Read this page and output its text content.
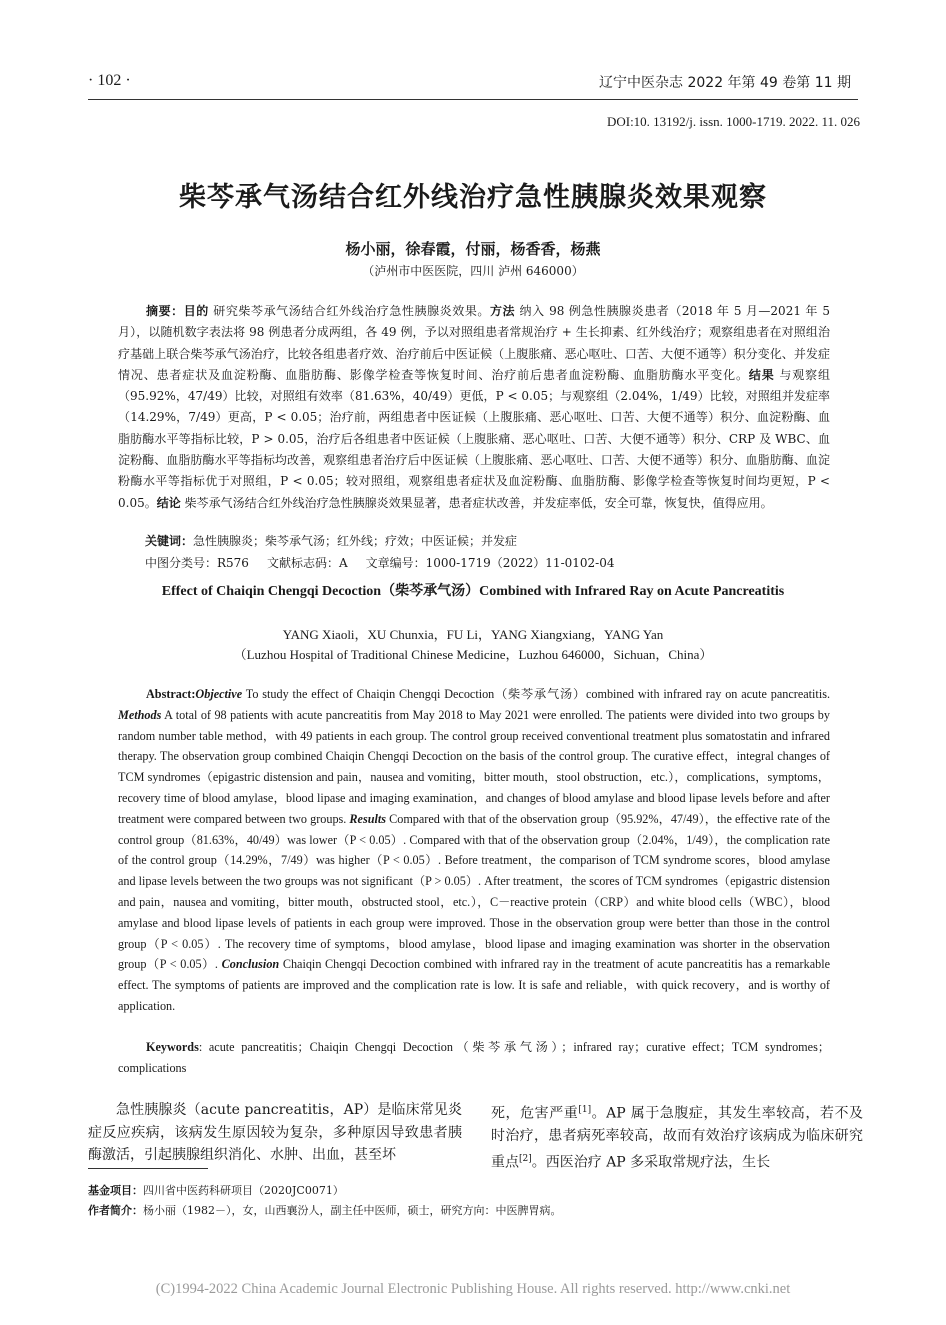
· 102 ·	辽宁中医杂志 2022 年第 49 卷第 11 期
DOI:10. 13192/j. issn. 1000-1719. 2022. 11. 026
柴芩承气汤结合红外线治疗急性胰腺炎效果观察
杨小丽，徐春霞，付丽，杨香香，杨燕
（泸州市中医医院，四川 泸州 646000）

摘要：目的 研究柴芩承气汤结合红外线治疗急性胰腺炎效果。方法 纳入 98 例急性胰腺炎患者（2018 年 5 月—2021 年 5 月），以随机数字表法将 98 例患者分成两组，各 49 例，予以对照组患者常规治疗 + 生长抑素、红外线治疗；观察组患者在对照组治疗基础上联合柴芩承气汤治疗，比较各组患者疗效、治疗前后中医证候（上腹胀痛、恶心呕吐、口苦、大便不通等）积分变化、并发症情况、患者症状及血淀粉酶、血脂肪酶、影像学检查等恢复时间、治疗前后患者血淀粉酶、血脂肪酶水平变化。结果 与观察组（95.92%，47/49）比较，对照组有效率（81.63%，40/49）更低，P < 0.05；与观察组（2.04%，1/49）比较，对照组并发症率（14.29%，7/49）更高，P < 0.05；治疗前，两组患者中医证候（上腹胀痛、恶心呕吐、口苦、大便不通等）积分、血淀粉酶、血脂肪酶水平等指标比较，P > 0.05，治疗后各组患者中医证候（上腹胀痛、恶心呕吐、口苦、大便不通等）积分、CRP 及 WBC、血淀粉酶、血脂肪酶水平等指标均改善，观察组患者治疗后中医证候（上腹胀痛、恶心呕吐、口苦、大便不通等）积分、血脂肪酶、血淀粉酶水平等指标优于对照组，P < 0.05；较对照组，观察组患者症状及血淀粉酶、血脂肪酶、影像学检查等恢复时间均更短，P < 0.05。结论 柴芩承气汤结合红外线治疗急性胰腺炎效果显著，患者症状改善，并发症率低，安全可靠，恢复快，值得应用。

关键词：急性胰腺炎；柴芩承气汤；红外线；疗效；中医证候；并发症
中图分类号：R576 文献标志码：A 文章编号：1000-1719（2022）11-0102-04
Effect of Chaiqin Chengqi Decoction（柴芩承气汤）Combined with Infrared Ray on Acute Pancreatitis
YANG Xiaoli，XU Chunxia，FU Li，YANG Xiangxiang，YANG Yan
（Luzhou Hospital of Traditional Chinese Medicine，Luzhou 646000，Sichuan，China）

Abstract:Objective To study the effect of Chaiqin Chengqi Decoction（柴芩承气汤）combined with infrared ray on acute pancreatitis. Methods A total of 98 patients with acute pancreatitis from May 2018 to May 2021 were enrolled. The patients were divided into two groups by random number table method，with 49 patients in each group. The control group received conventional treatment plus somatostatin and infrared therapy. The observation group combined Chaiqin Chengqi Decoction on the basis of the control group. The curative effect，integral changes of TCM syndromes（epigastric distension and pain，nausea and vomiting，bitter mouth，stool obstruction，etc.），complications，symptoms，recovery time of blood amylase，blood lipase and imaging examination，and changes of blood amylase and blood lipase levels before and after treatment were compared between two groups. Results Compared with that of the observation group（95.92%，47/49），the effective rate of the control group（81.63%，40/49）was lower（P < 0.05）. Compared with that of the observation group（2.04%，1/49），the complication rate of the control group（14.29%，7/49）was higher（P < 0.05）. Before treatment，the comparison of TCM syndrome scores，blood amylase and lipase levels between the two groups was not significant（P > 0.05）. After treatment，the scores of TCM syndromes（epigastric distension and pain，nausea and vomiting，bitter mouth，obstructed stool，etc.），C－reactive protein（CRP）and white blood cells（WBC），blood amylase and blood lipase levels of patients in each group were improved. Those in the observation group were better than those in the control group（P < 0.05）. The recovery time of symptoms，blood amylase，blood lipase and imaging examination was shorter in the observation group（P < 0.05）. Conclusion Chaiqin Chengqi Decoction combined with infrared ray in the treatment of acute pancreatitis has a remarkable effect. The symptoms of patients are improved and the complication rate is low. It is safe and reliable，with quick recovery，and is worthy of application.

Keywords: acute pancreatitis；Chaiqin Chengqi Decoction（柴芩承气汤）；infrared ray；curative effect；TCM syndromes；complications
急性胰腺炎（acute pancreatitis，AP）是临床常见炎症反应疾病，该病发生原因较为复杂，多种原因导致患者胰酶激活，引起胰腺组织消化、水肿、出血，甚至坏
死，危害严重[1]。AP 属于急腹症，其发生率较高，若不及时治疗，患者病死率较高，故而有效治疗该病成为临床研究重点[2]。西医治疗 AP 多采取常规疗法，生长
基金项目：四川省中医药科研项目（2020JC0071）
作者简介：杨小丽（1982－），女，山西襄汾人，副主任中医师，硕士，研究方向：中医脾胃病。
(C)1994-2022 China Academic Journal Electronic Publishing House. All rights reserved. http://www.cnki.net
